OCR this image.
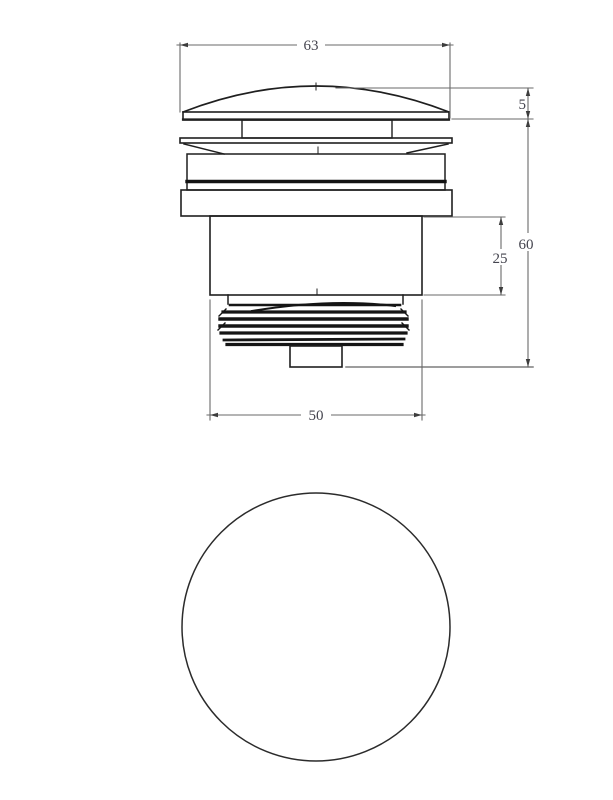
63
5
60
25
50
